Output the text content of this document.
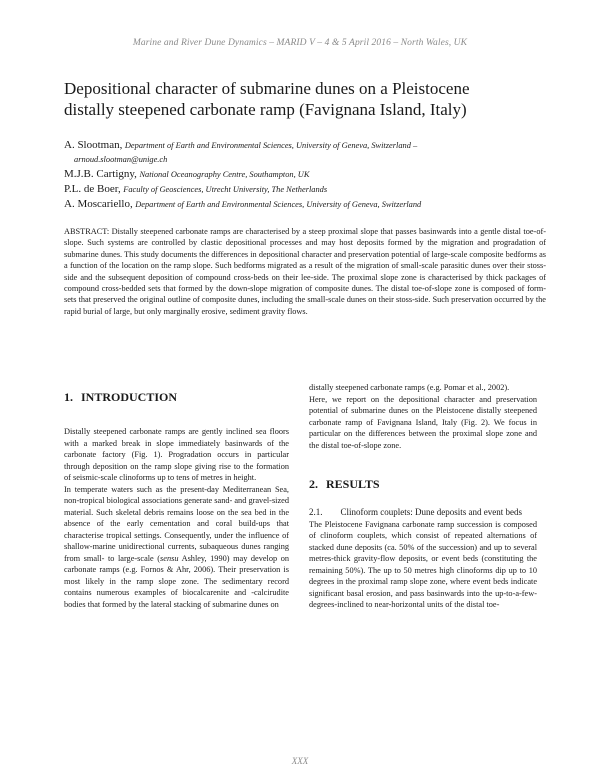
Marine and River Dune Dynamics – MARID V – 4 & 5 April 2016 – North Wales, UK
Depositional character of submarine dunes on a Pleistocene
distally steepened carbonate ramp (Favignana Island, Italy)

A. Slootman, Department of Earth and Environmental Sciences, University of Geneva, Switzerland –

arnoud.slootman@unige.ch

M.J.B. Cartigny, National Oceanography Centre, Southampton, UK

P.L. de Boer, Faculty of Geosciences, Utrecht University, The Netherlands

A. Moscariello, Department of Earth and Environmental Sciences, University of Geneva, Switzerland

ABSTRACT: Distally steepened carbonate ramps are characterised by a steep proximal slope that passes basinwards into a gentle distal toe-of-slope. Such systems are controlled by clastic depositional processes and may host deposits formed by the migration and progradation of submarine dunes. This study documents the differences in depositional character and preservation potential of large-scale composite bedforms as a function of the location on the ramp slope. Such bedforms migrated as a result of the migration of small-scale parasitic dunes over their stoss-side and the subsequent deposition of compound cross-beds on their lee-side. The proximal slope zone is characterised by thick packages of compound cross-bedded sets that formed by the down-slope migration of composite dunes. The distal toe-of-slope zone is composed of form-sets that preserved the original outline of composite dunes, including the small-scale dunes on their stoss-side. Such preservation occurred by the rapid burial of large, but only marginally erosive, sediment gravity flows.
1. INTRODUCTION

Distally steepened carbonate ramps are gently inclined sea floors with a marked break in slope immediately basinwards of the carbonate factory (Fig. 1). Progradation occurs in particular through deposition on the ramp slope giving rise to the formation of seismic-scale clinoforms up to tens of metres in height.

In temperate waters such as the present-day Mediterranean Sea, non-tropical biological associations generate sand- and gravel-sized material. Such skeletal debris remains loose on the sea bed in the absence of the early cementation and coral build-ups that characterise tropical settings. Consequently, under the influence of shallow-marine unidirectional currents, subaqueous dunes ranging from small- to large-scale (sensu Ashley, 1990) may develop on carbonate ramps (e.g. Fornos & Ahr, 2006). Their preservation is most likely in the ramp slope zone. The sedimentary record contains numerous examples of biocalcarenite and -calcirudite bodies that formed by the lateral stacking of submarine dunes on

distally steepened carbonate ramps (e.g. Pomar et al., 2002).

Here, we report on the depositional character and preservation potential of submarine dunes on the Pleistocene distally steepened carbonate ramp of Favignana Island, Italy (Fig. 2). We focus in particular on the differences between the proximal slope zone and the distal toe-of-slope zone.

2. RESULTS

2.1. Clinoform couplets: Dune deposits and event beds

The Pleistocene Favignana carbonate ramp succession is composed of clinoform couplets, which consist of repeated alternations of stacked dune deposits (ca. 50% of the succession) and up to several metres-thick gravity-flow deposits, or event beds (constituting the remaining 50%). The up to 50 metres high clinoforms dip up to 10 degrees in the proximal ramp slope zone, where event beds indicate significant basal erosion, and pass basinwards into the up-to-a-few-degrees-inclined to near-horizontal units of the distal toe-

XXX
